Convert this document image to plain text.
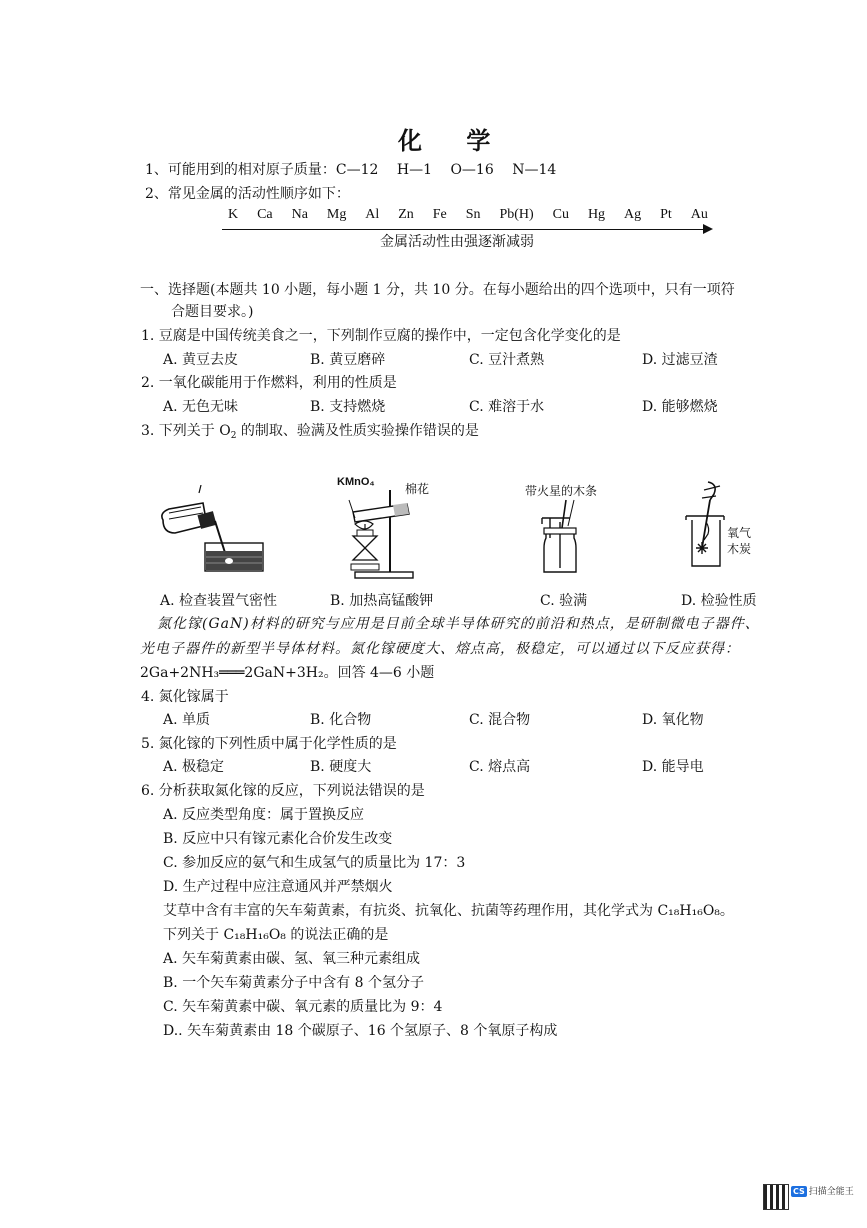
化 学
1、可能用到的相对原子质量：C—12　 H—1　 O—16　 N—14
2、常见金属的活动性顺序如下：
K Ca Na Mg Al Zn Fe Sn Pb(H) Cu Hg Ag Pt Au
金属活动性由强逐渐减弱
一、选择题(本题共 10 小题，每小题 1 分，共 10 分。在每小题给出的四个选项中，只有一项符
合题目要求。)
1. 豆腐是中国传统美食之一，下列制作豆腐的操作中，一定包含化学变化的是
A. 黄豆去皮	B. 黄豆磨碎	C. 豆汁煮熟	D. 过滤豆渣
2. 一氧化碳能用于作燃料，利用的性质是
A. 无色无味	B. 支持燃烧	C. 难溶于水	D. 能够燃烧
3. 下列关于 $O_2$ 的制取、验满及性质实验操作错误的是
KMnO₄	棉花	带火星的木条
氧气
木炭
A. 检查装置气密性	B. 加热高锰酸钾	C. 验满	D. 检验性质
氮化镓(GaN)材料的研究与应用是目前全球半导体研究的前沿和热点，是研制微电子器件、
光电子器件的新型半导体材料。氮化镓硬度大、熔点高，极稳定，可以通过以下反应获得：
2Ga+2NH₃═══2GaN+3H₂。回答 4—6 小题
4. 氮化镓属于
A. 单质	B. 化合物	C. 混合物	D. 氧化物
5. 氮化镓的下列性质中属于化学性质的是
A. 极稳定	B. 硬度大	C. 熔点高	D. 能导电
6. 分析获取氮化镓的反应，下列说法错误的是
A. 反应类型角度：属于置换反应
B. 反应中只有镓元素化合价发生改变
C. 参加反应的氨气和生成氢气的质量比为 17：3
D. 生产过程中应注意通风并严禁烟火
艾草中含有丰富的矢车菊黄素，有抗炎、抗氧化、抗菌等药理作用，其化学式为 C₁₈H₁₆O₈。
下列关于 C₁₈H₁₆O₈ 的说法正确的是
A. 矢车菊黄素由碳、氢、氧三种元素组成
B. 一个矢车菊黄素分子中含有 8 个氢分子
C. 矢车菊黄素中碳、氧元素的质量比为 9：4
D.. 矢车菊黄素由 18 个碳原子、16 个氢原子、8 个氧原子构成
CS 扫描全能王
